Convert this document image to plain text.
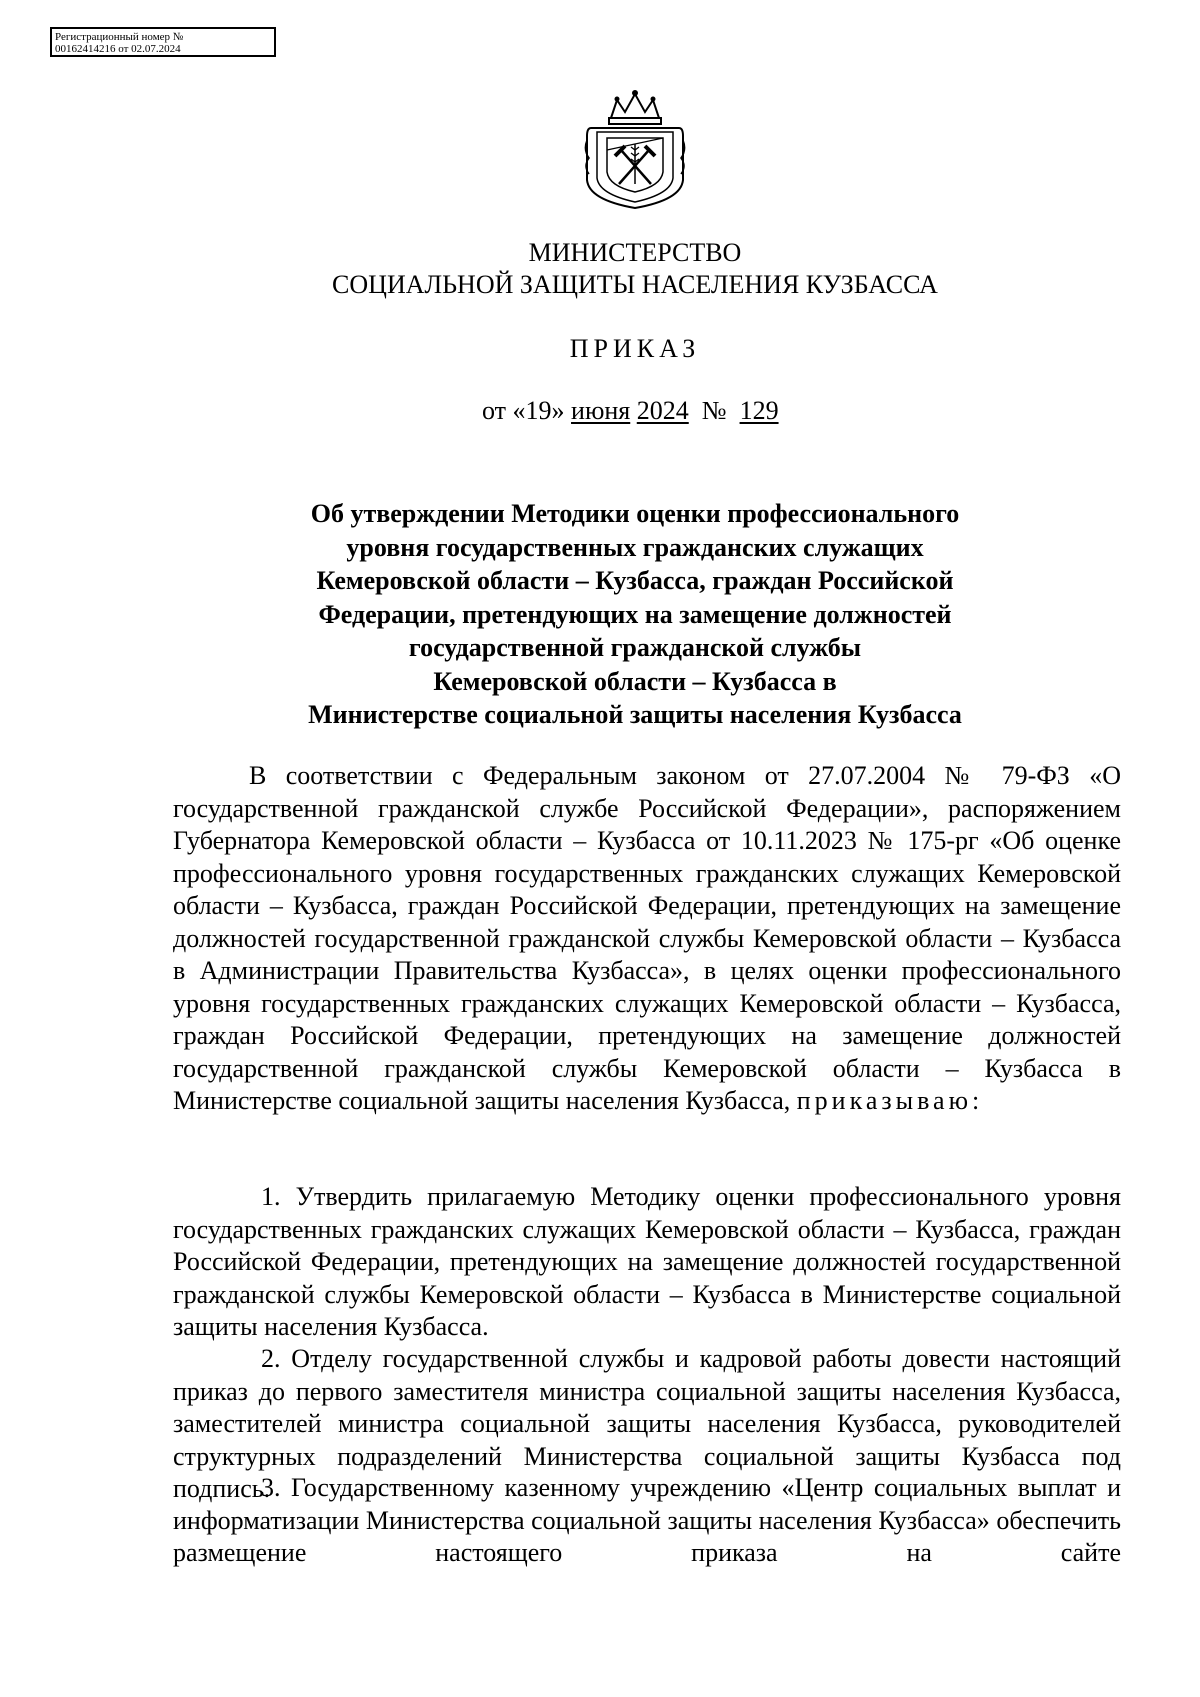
Регистрационный номер №
00162414216 от 02.07.2024
МИНИСТЕРСТВО
СОЦИАЛЬНОЙ ЗАЩИТЫ НАСЕЛЕНИЯ КУЗБАССА
ПРИКАЗ
от «19» июня 2024 № 129
Об утверждении Методики оценки профессионального
уровня государственных гражданских служащих
Кемеровской области – Кузбасса, граждан Российской
Федерации, претендующих на замещение должностей
государственной гражданской службы
Кемеровской области – Кузбасса в
Министерстве социальной защиты населения Кузбасса

В соответствии с Федеральным законом от 27.07.2004 № 79-ФЗ «О государственной гражданской службе Российской Федерации», распоряжением Губернатора Кемеровской области – Кузбасса от 10.11.2023 № 175-рг «Об оценке профессионального уровня государственных гражданских служащих Кемеровской области – Кузбасса, граждан Российской Федерации, претендующих на замещение должностей государственной гражданской службы Кемеровской области – Кузбасса в Администрации Правительства Кузбасса», в целях оценки профессионального уровня государственных гражданских служащих Кемеровской области – Кузбасса, граждан Российской Федерации, претендующих на замещение должностей государственной гражданской службы Кемеровской области – Кузбасса в Министерстве социальной защиты населения Кузбасса, приказываю:

1. Утвердить прилагаемую Методику оценки профессионального уровня государственных гражданских служащих Кемеровской области – Кузбасса, граждан Российской Федерации, претендующих на замещение должностей государственной гражданской службы Кемеровской области – Кузбасса в Министерстве социальной защиты населения Кузбасса.

2. Отделу государственной службы и кадровой работы довести настоящий приказ до первого заместителя министра социальной защиты населения Кузбасса, заместителей министра социальной защиты населения Кузбасса, руководителей структурных подразделений Министерства социальной защиты Кузбасса под подпись.

3. Государственному казенному учреждению «Центр социальных выплат и информатизации Министерства социальной защиты населения Кузбасса» обеспечить размещение настоящего приказа на сайте
